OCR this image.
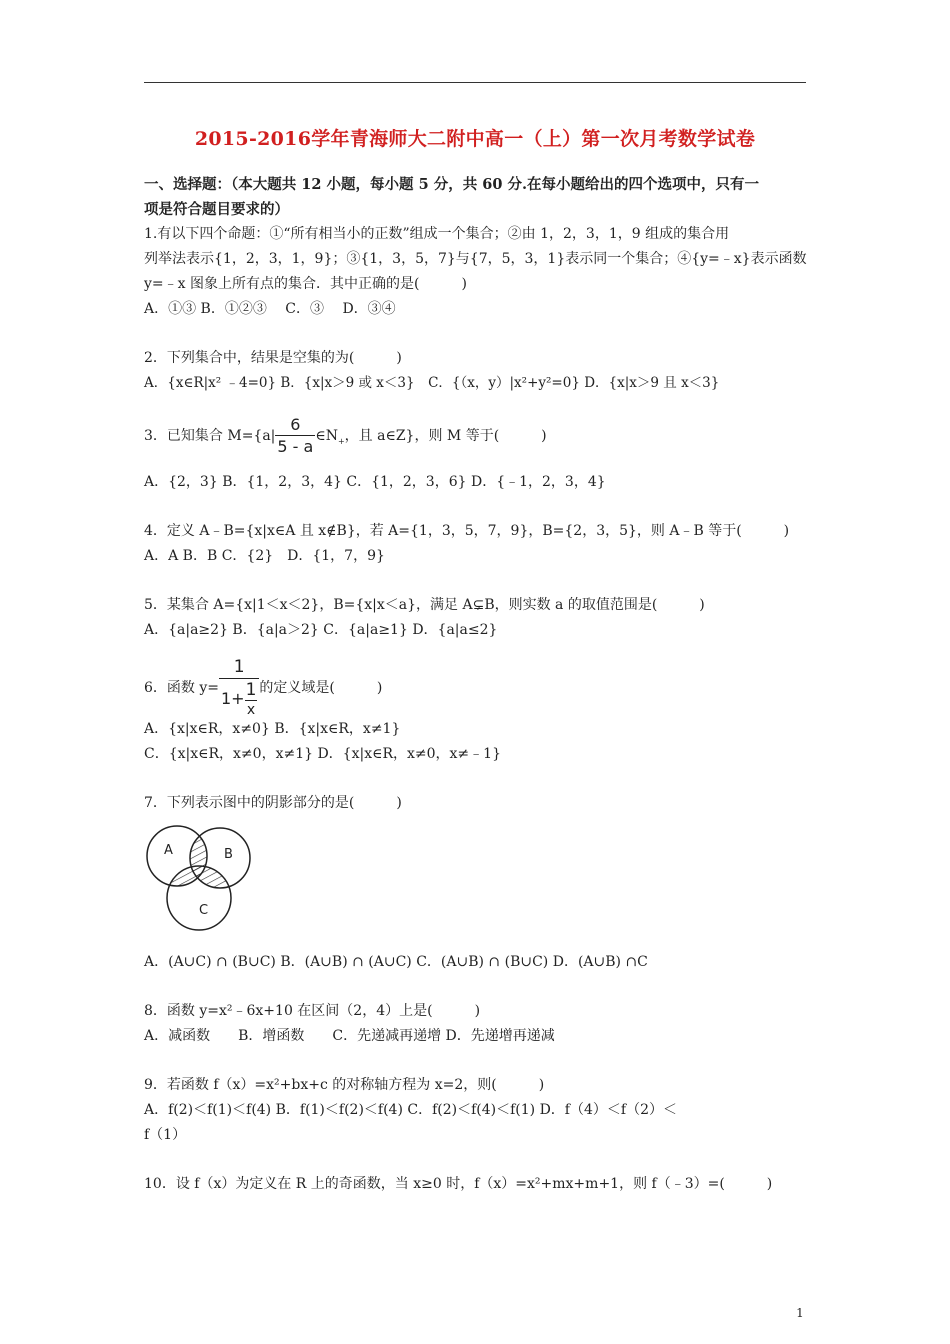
2015-2016学年青海师大二附中高一（上）第一次月考数学试卷
一、选择题：（本大题共 12 小题，每小题 5 分，共 60 分.在每小题给出的四个选项中，只有一
项是符合题目要求的）
1.有以下四个命题：①“所有相当小的正数”组成一个集合；②由 1，2，3，1，9 组成的集合用
列举法表示{1，2，3，1，9}；③{1，3，5，7}与{7，5，3，1}表示同一个集合；④{y=﹣x}表示函数
y=﹣x 图象上所有点的集合．其中正确的是(　　　)
A．①③ B．①②③　 C．③　 D．③④
2．下列集合中，结果是空集的为(　　　)
A．{x∈R|x² ﹣4=0} B．{x|x＞9 或 x＜3}　C．{（x，y）|x²+y²=0} D．{x|x＞9 且 x＜3}
3．已知集合 $M=\{a| \frac{6}{5 - a}$ $\in N_+$，且 a∈Z}，则 M 等于(　　　)
A．{2，3} B．{1，2，3，4} C．{1，2，3，6} D．{﹣1，2，3，4}
4．定义 A﹣B={x|x∈A 且 x∉B}，若 A={1，3，5，7，9}，B={2，3，5}，则 A﹣B 等于(　　　)
A．A B．B C．{2}　D．{1，7，9}
5．某集合 A={x|1＜x＜2}，B={x|x＜a}，满足 A⊊B，则实数 a 的取值范围是(　　　)
A．{a|a≥2} B．{a|a＞2} C．{a|a≥1} D．{a|a≤2}
6．函数 $y= \frac{1}{1+ \frac{1}{x}}$ 的定义域是(　　　)
A．{x|x∈R，x≠0} B．{x|x∈R，x≠1}
C．{x|x∈R，x≠0，x≠1} D．{x|x∈R，x≠0，x≠﹣1}
7．下列表示图中的阴影部分的是(　　　)
A	B
C
A．(A∪C) ∩ (B∪C) B．(A∪B) ∩ (A∪C) C．(A∪B) ∩ (B∪C) D．(A∪B) ∩C
8．函数 y=x²﹣6x+10 在区间（2，4）上是(　　　)
A．减函数　　B．增函数　　C．先递减再递增 D．先递增再递减
9．若函数 f（x）=x²+bx+c 的对称轴方程为 x=2，则(　　　)
A．f(2)＜f(1)＜f(4) B．f(1)＜f(2)＜f(4) C．f(2)＜f(4)＜f(1) D．f（4）＜f（2）＜
f（1）
10．设 f（x）为定义在 R 上的奇函数，当 x≥0 时，f（x）=x²+mx+m+1，则 f（﹣3）=(　　　)
1
